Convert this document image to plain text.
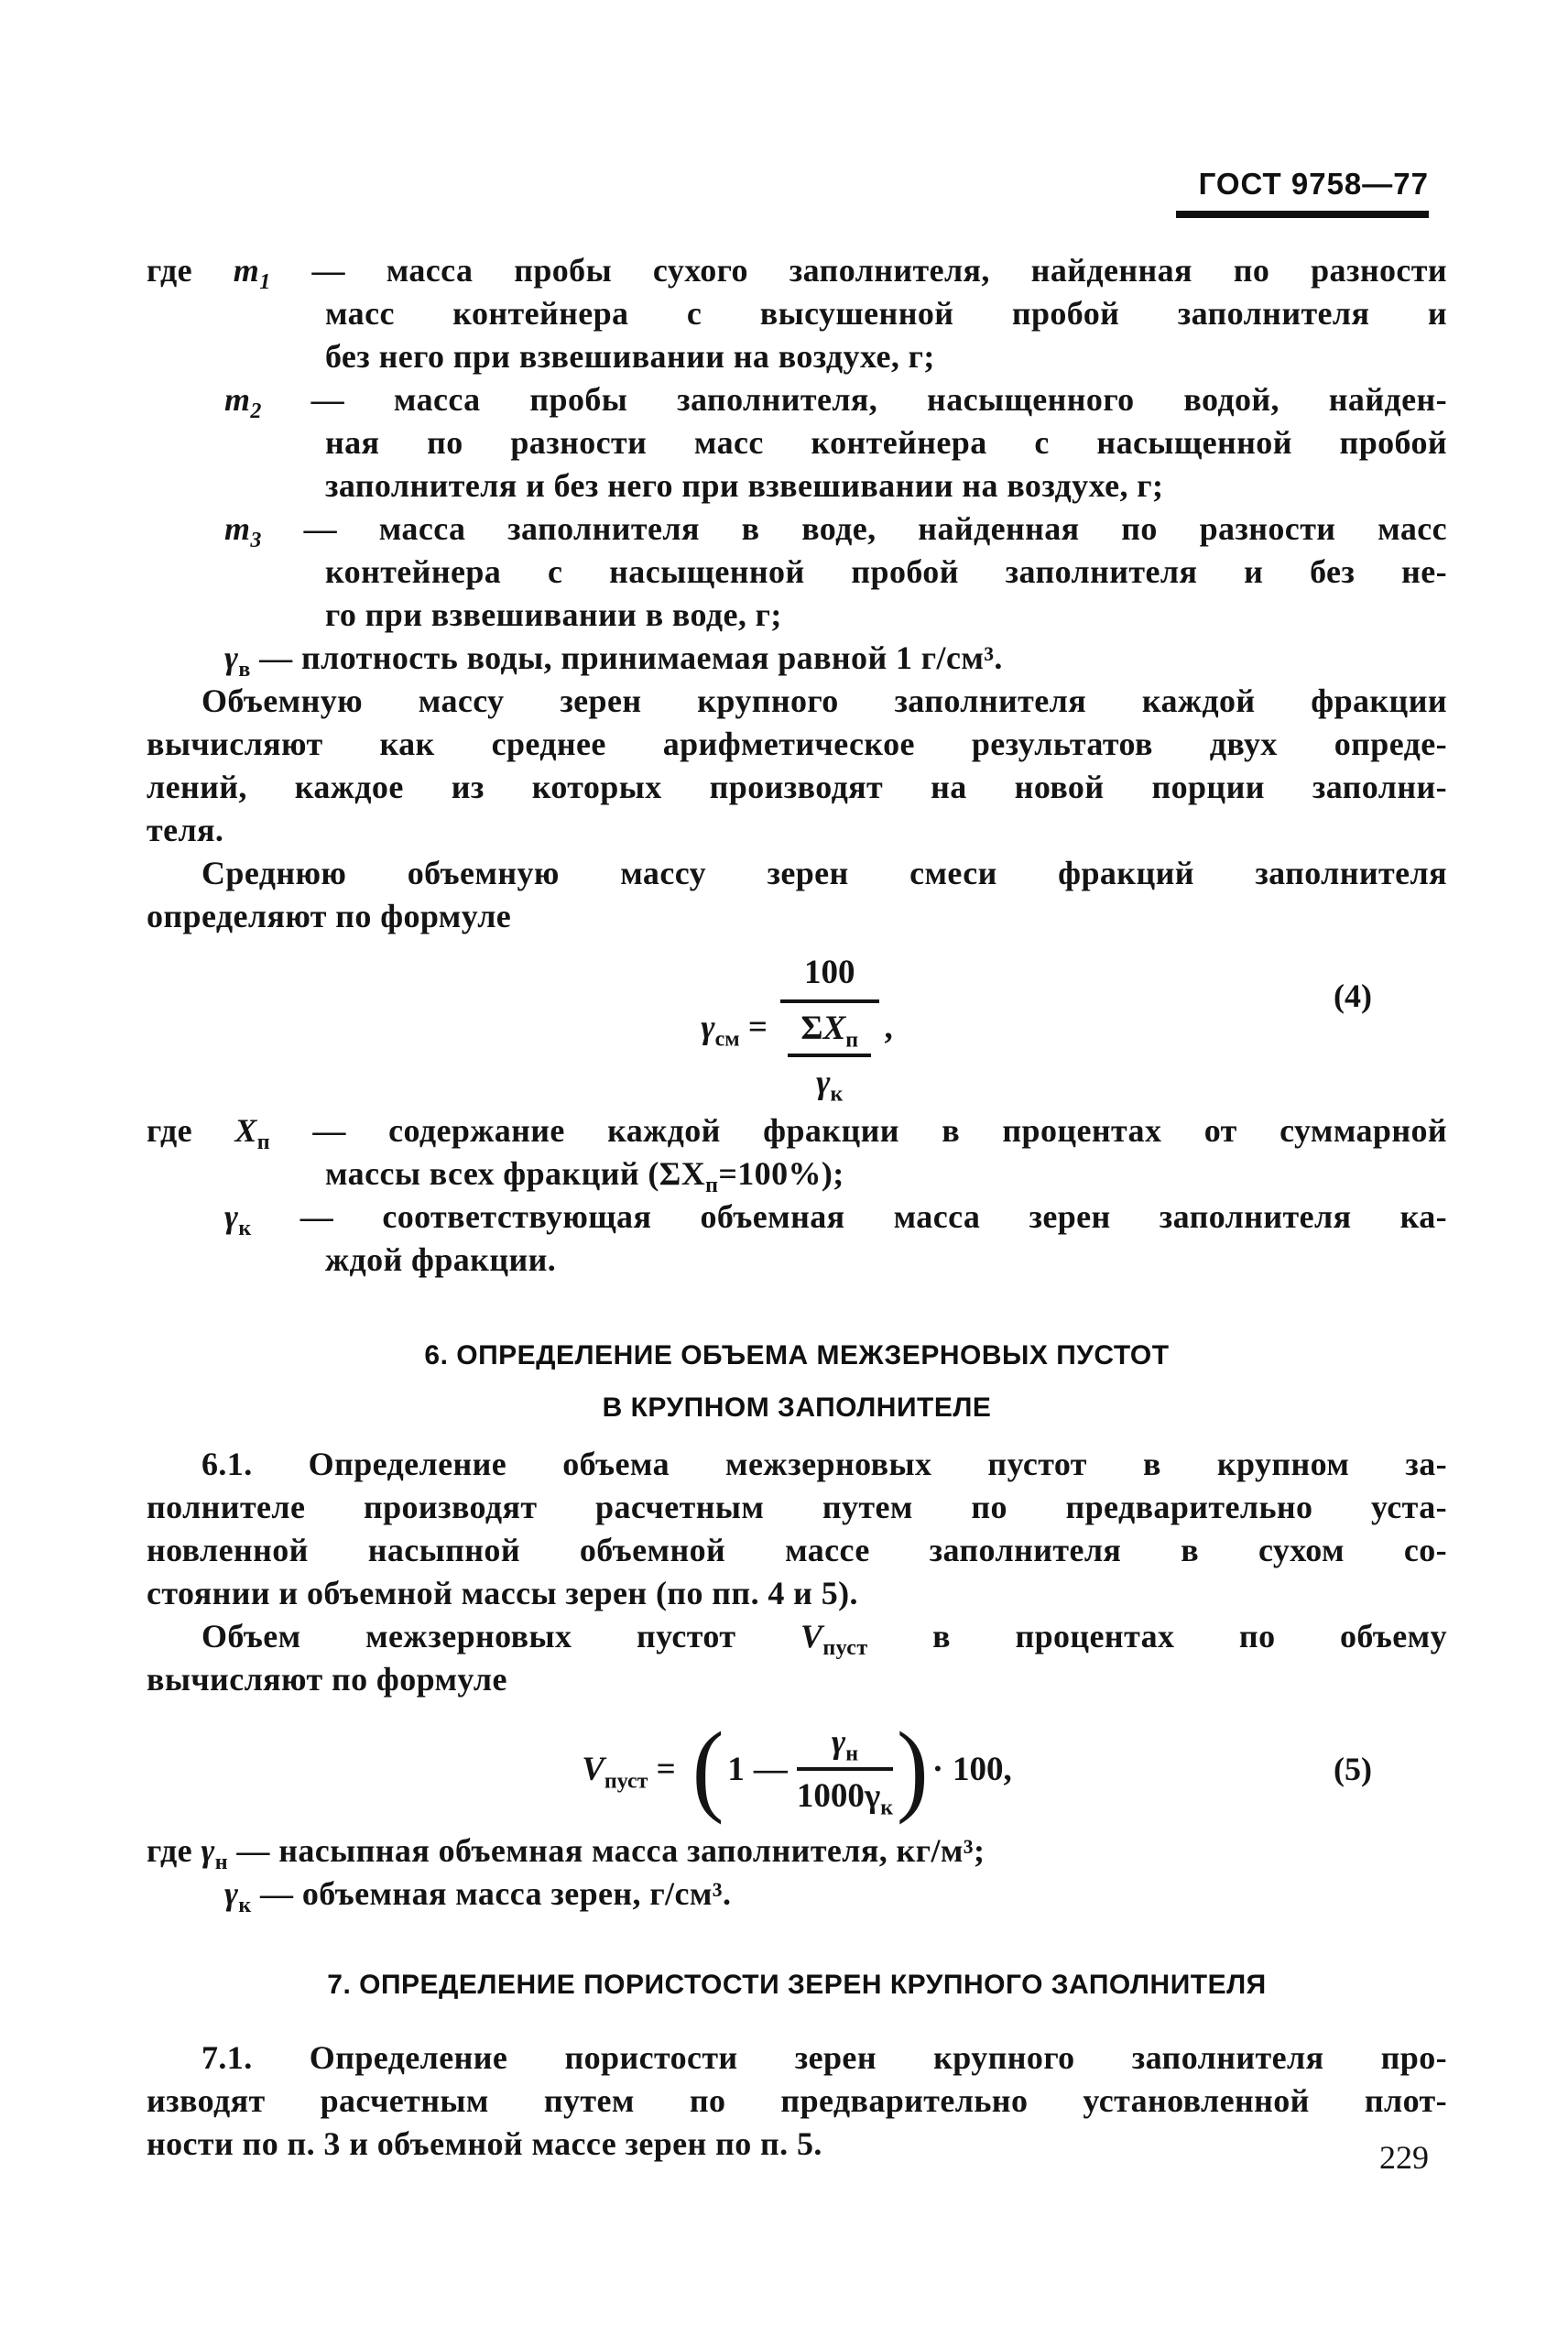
ГОСТ 9758—77
где $m_1$ — масса пробы сухого заполнителя, найденная по разности
масс контейнера с высушенной пробой заполнителя и
без него при взвешивании на воздухе, г;
$m_2$ — масса пробы заполнителя, насыщенного водой, найден-
ная по разности масс контейнера с насыщенной пробой
заполнителя и без него при взвешивании на воздухе, г;
$m_3$ — масса заполнителя в воде, найденная по разности масс
контейнера с насыщенной пробой заполнителя и без не-
го при взвешивании в воде, г;
$\gamma_в$ — плотность воды, принимаемая равной 1 г/см³.
Объемную массу зерен крупного заполнителя каждой фракции
вычисляют как среднее арифметическое результатов двух опреде-
лений, каждое из которых производят на новой порции заполни-
теля.
Среднюю объемную массу зерен смеси фракций заполнителя
определяют по формуле
$\gamma_{см} = \frac{100}{\frac{\Sigma X_п}{\gamma_к}}$ ,
(4)
где $X_п$ — содержание каждой фракции в процентах от суммарной
массы всех фракций $(\Sigma X_п=100\%)$;
$\gamma_к$ — соответствующая объемная масса зерен заполнителя ка-
ждой фракции.
6. ОПРЕДЕЛЕНИЕ ОБЪЕМА МЕЖЗЕРНОВЫХ ПУСТОТ
В КРУПНОМ ЗАПОЛНИТЕЛЕ
6.1. Определение объема межзерновых пустот в крупном за-
полнителе производят расчетным путем по предварительно уста-
новленной насыпной объемной массе заполнителя в сухом со-
стоянии и объемной массы зерен (по пп. 4 и 5).
Объем межзерновых пустот $V_{пуст}$ в процентах по объему
вычисляют по формуле
$V_{пуст}$ = ( 1 — $\frac{\gamma_н}{1000\gamma_к}$ ) · 100,	(5)
где $\gamma_н$ — насыпная объемная масса заполнителя, кг/м³;
$\gamma_к$ — объемная масса зерен, г/см³.
7. ОПРЕДЕЛЕНИЕ ПОРИСТОСТИ ЗЕРЕН КРУПНОГО ЗАПОЛНИТЕЛЯ
7.1. Определение пористости зерен крупного заполнителя про-
изводят расчетным путем по предварительно установленной плот-
ности по п. 3 и объемной массе зерен по п. 5.	229
